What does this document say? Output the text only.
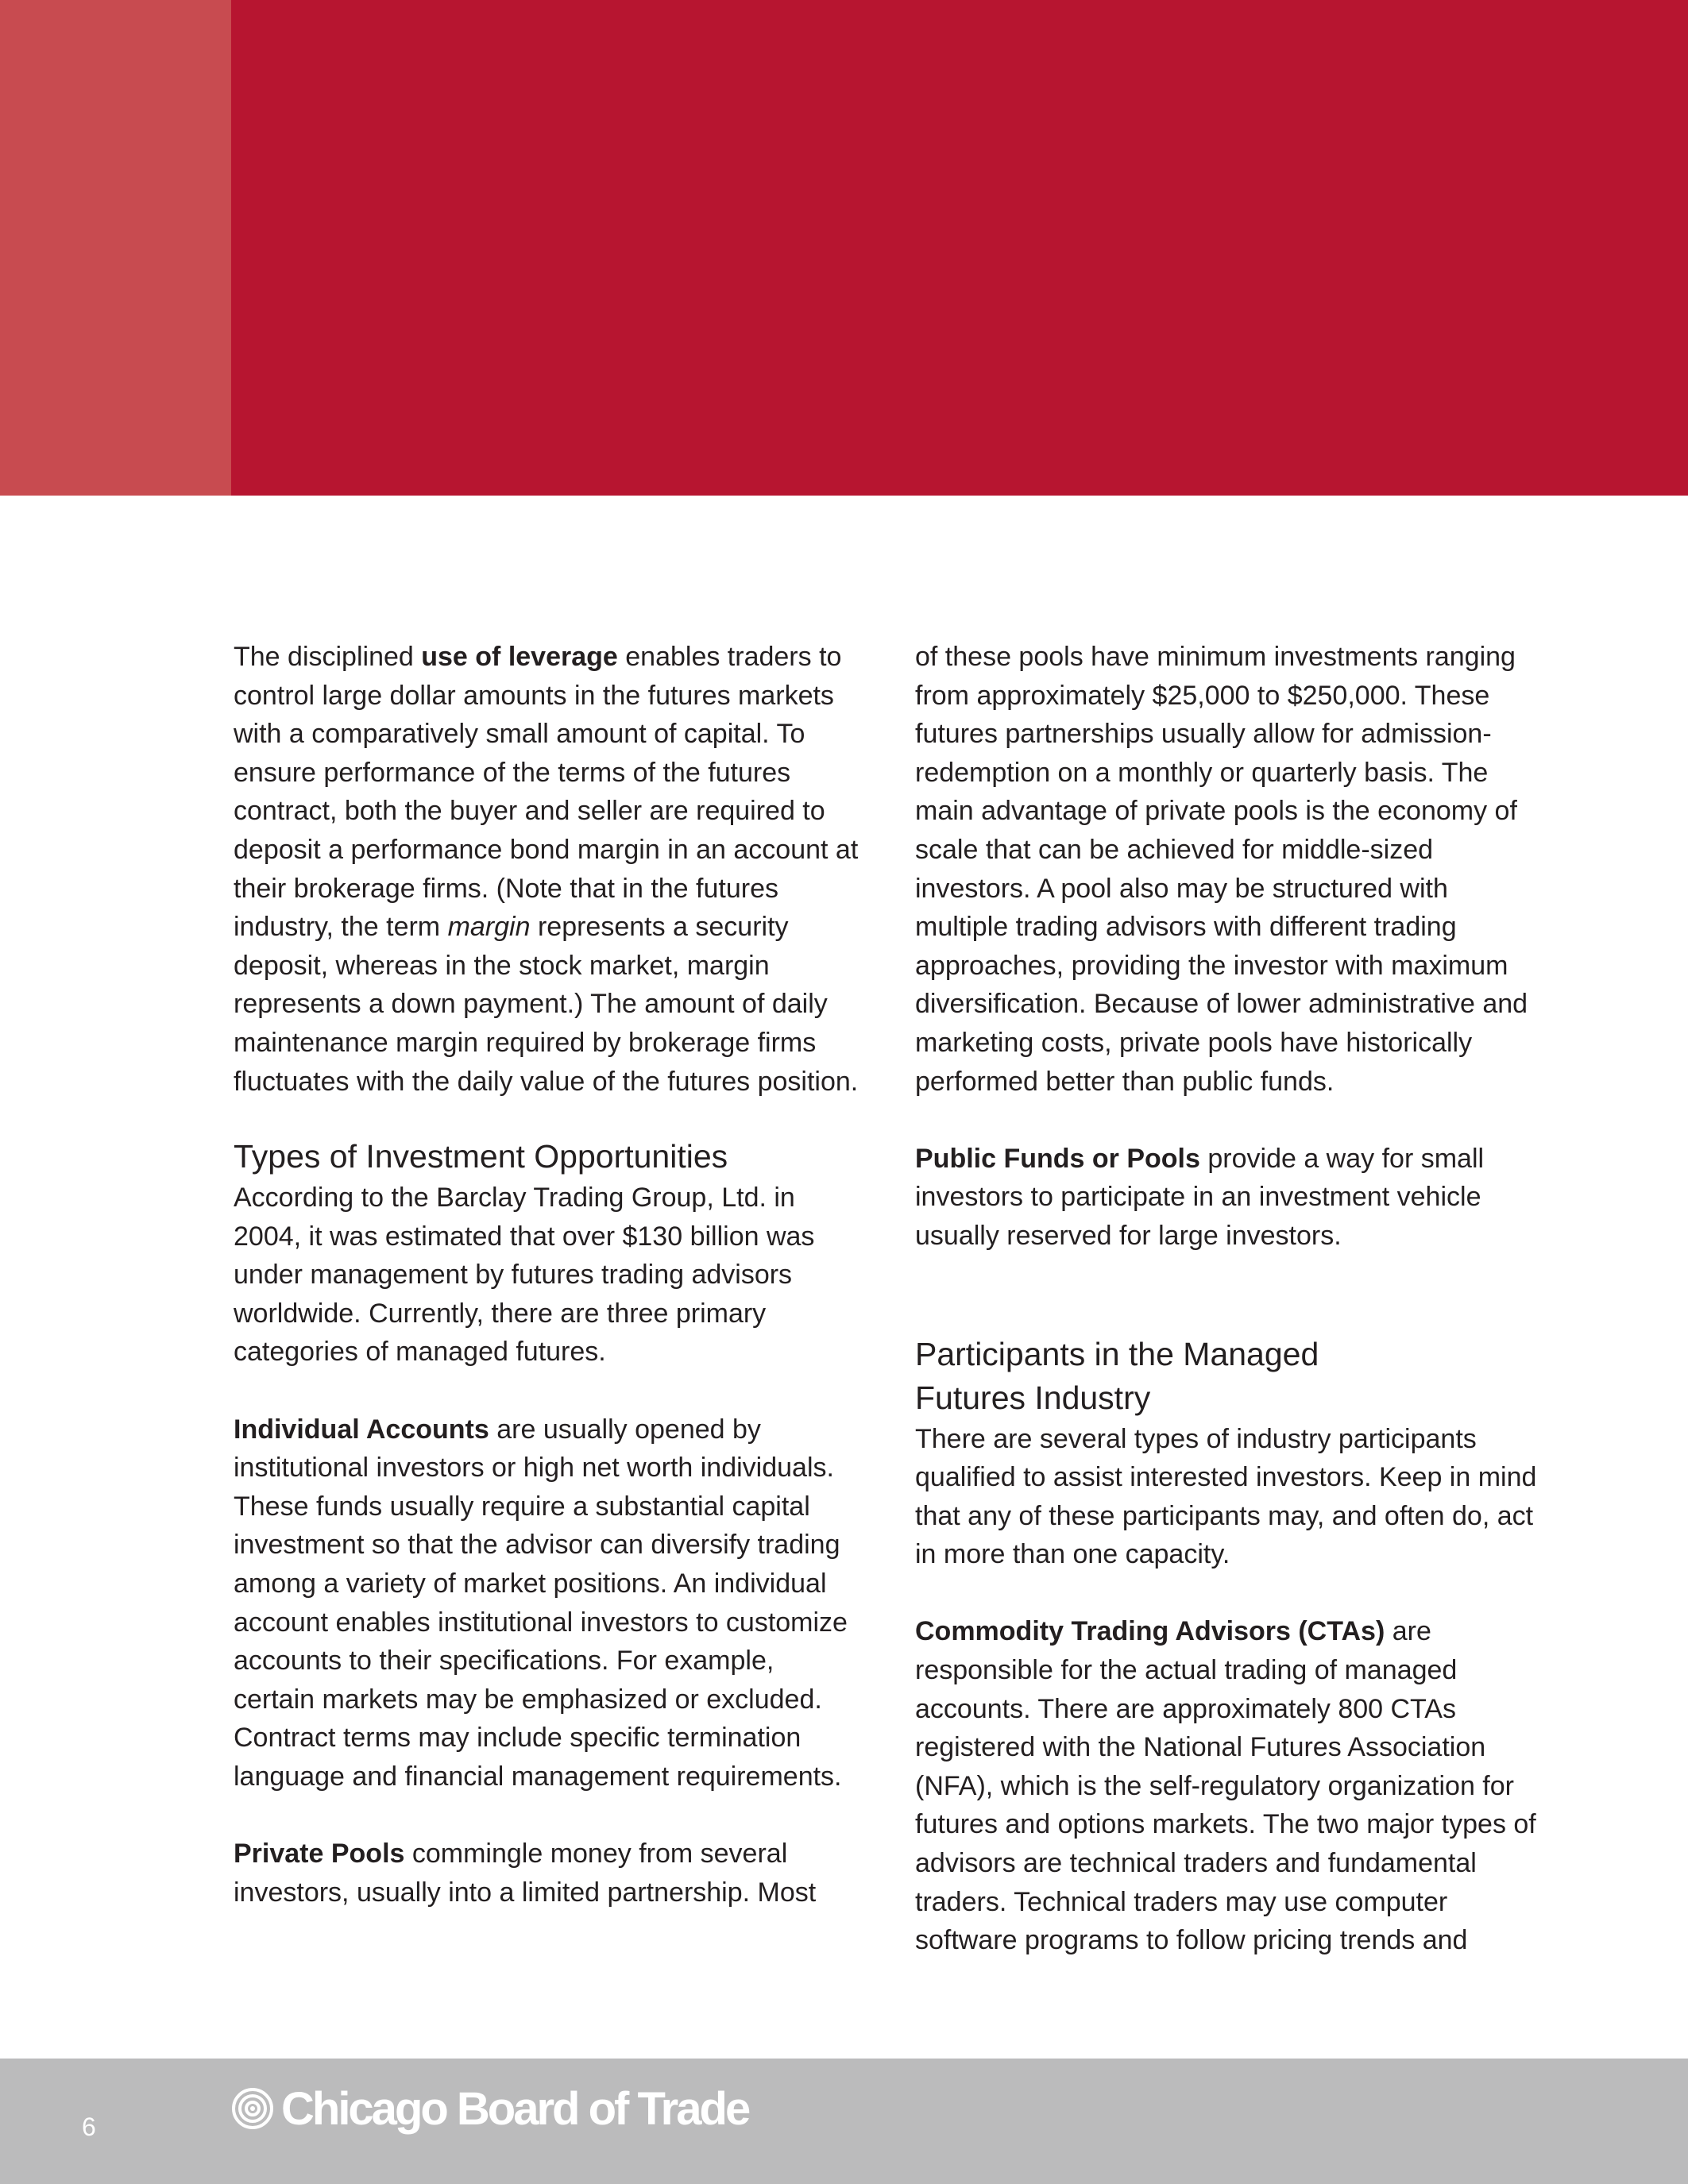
The disciplined use of leverage enables traders to control large dollar amounts in the futures markets with a comparatively small amount of capital. To ensure performance of the terms of the futures contract, both the buyer and seller are required to deposit a performance bond margin in an account at their brokerage firms. (Note that in the futures industry, the term margin represents a security deposit, whereas in the stock market, margin represents a down payment.) The amount of daily maintenance margin required by brokerage firms fluctuates with the daily value of the futures position.

Types of Investment Opportunities

According to the Barclay Trading Group, Ltd. in 2004, it was estimated that over $130 billion was under management by futures trading advisors worldwide. Currently, there are three primary categories of managed futures.

Individual Accounts are usually opened by institutional investors or high net worth individuals. These funds usually require a substantial capital investment so that the advisor can diversify trading among a variety of market positions. An individual account enables institutional investors to customize accounts to their specifications. For example, certain markets may be emphasized or excluded. Contract terms may include specific termination language and financial management requirements.

Private Pools commingle money from several investors, usually into a limited partnership. Most

of these pools have minimum investments ranging from approximately $25,000 to $250,000. These futures partnerships usually allow for admission-redemption on a monthly or quarterly basis. The main advantage of private pools is the economy of scale that can be achieved for middle-sized investors. A pool also may be structured with multiple trading advisors with different trading approaches, providing the investor with maximum diversification. Because of lower administrative and marketing costs, private pools have historically performed better than public funds.

Public Funds or Pools provide a way for small investors to participate in an investment vehicle usually reserved for large investors.

Participants in the Managed
Futures Industry

There are several types of industry participants qualified to assist interested investors. Keep in mind that any of these participants may, and often do, act in more than one capacity.

Commodity Trading Advisors (CTAs) are responsible for the actual trading of managed accounts. There are approximately 800 CTAs registered with the National Futures Association (NFA), which is the self-regulatory organization for futures and options markets. The two major types of advisors are technical traders and fundamental traders. Technical traders may use computer software programs to follow pricing trends and

6	Chicago Board of Trade
